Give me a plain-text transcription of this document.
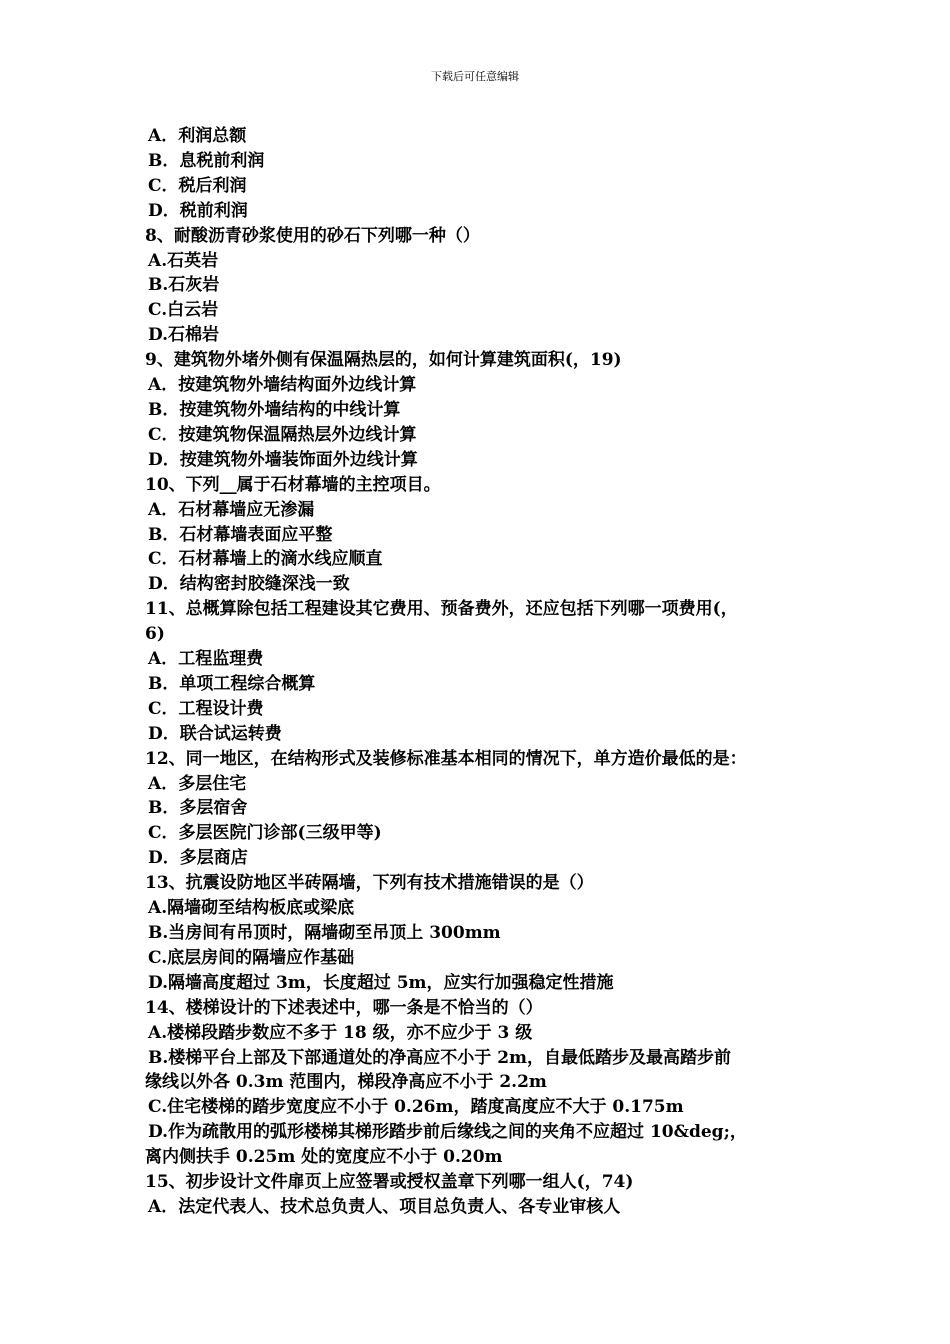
下载后可任意编辑
A．利润总额
B．息税前利润
C．税后利润
D．税前利润
8、耐酸沥青砂浆使用的砂石下列哪一种（）
A.石英岩
B.石灰岩
C.白云岩
D.石棉岩
9、建筑物外堵外侧有保温隔热层的，如何计算建筑面积(，19)
A．按建筑物外墙结构面外边线计算
B．按建筑物外墙结构的中线计算
C．按建筑物保温隔热层外边线计算
D．按建筑物外墙装饰面外边线计算
10、下列__属于石材幕墙的主控项目。
A．石材幕墙应无渗漏
B．石材幕墙表面应平整
C．石材幕墙上的滴水线应顺直
D．结构密封胶缝深浅一致
11、总概算除包括工程建设其它费用、预备费外，还应包括下列哪一项费用(，
6)
A．工程监理费
B．单项工程综合概算
C．工程设计费
D．联合试运转费
12、同一地区，在结构形式及装修标准基本相同的情况下，单方造价最低的是：
A．多层住宅
B．多层宿舍
C．多层医院门诊部(三级甲等)
D．多层商店
13、抗震设防地区半砖隔墙，下列有技术措施错误的是（）
A.隔墙砌至结构板底或梁底
B.当房间有吊顶时，隔墙砌至吊顶上 300mm
C.底层房间的隔墙应作基础
D.隔墙高度超过 3m，长度超过 5m，应实行加强稳定性措施
14、楼梯设计的下述表述中，哪一条是不恰当的（）
A.楼梯段踏步数应不多于 18 级，亦不应少于 3 级
B.楼梯平台上部及下部通道处的净高应不小于 2m，自最低踏步及最高踏步前
缘线以外各 0.3m 范围内，梯段净高应不小于 2.2m
C.住宅楼梯的踏步宽度应不小于 0.26m，踏度高度应不大于 0.175m
D.作为疏散用的弧形楼梯其梯形踏步前后缘线之间的夹角不应超过 10&deg;，
离内侧扶手 0.25m 处的宽度应不小于 0.20m
15、初步设计文件扉页上应签署或授权盖章下列哪一组人(，74)
A．法定代表人、技术总负责人、项目总负责人、各专业审核人
